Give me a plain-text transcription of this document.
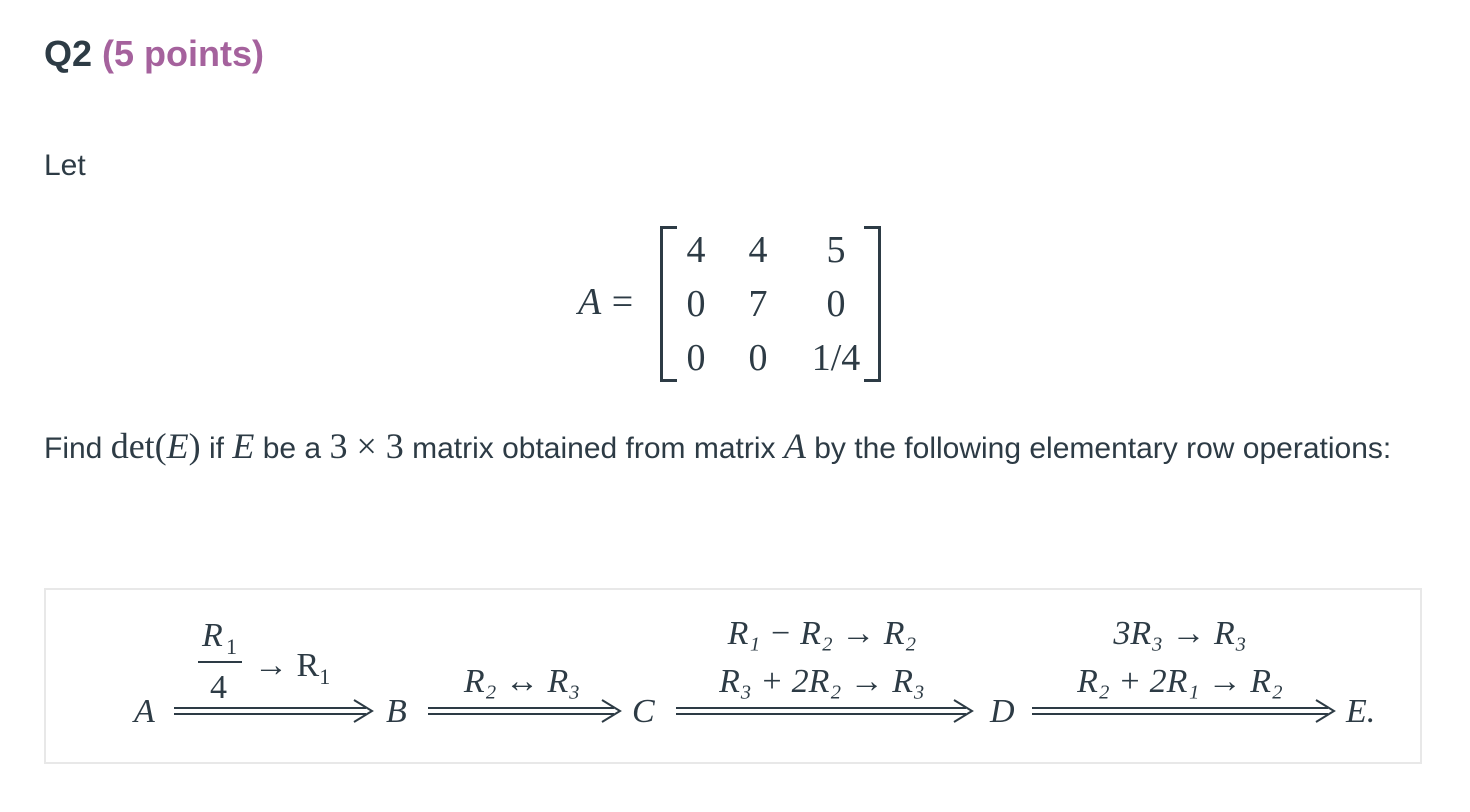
Q2 (5 points)
Let
A =
4	4	5
0	7	0
0	0	1/4
Find det(E) if E be a 3 × 3 matrix obtained from matrix A by the following elementary row operations:
A	B	C	D	E.
R 1
4
→ $R_1$	R₂ ↔ R₃
R₁ − R₂ → R₂
R₃ + 2R₂ → R₃
3R₃ → R₃
R₂ + 2R₁ → R₂
